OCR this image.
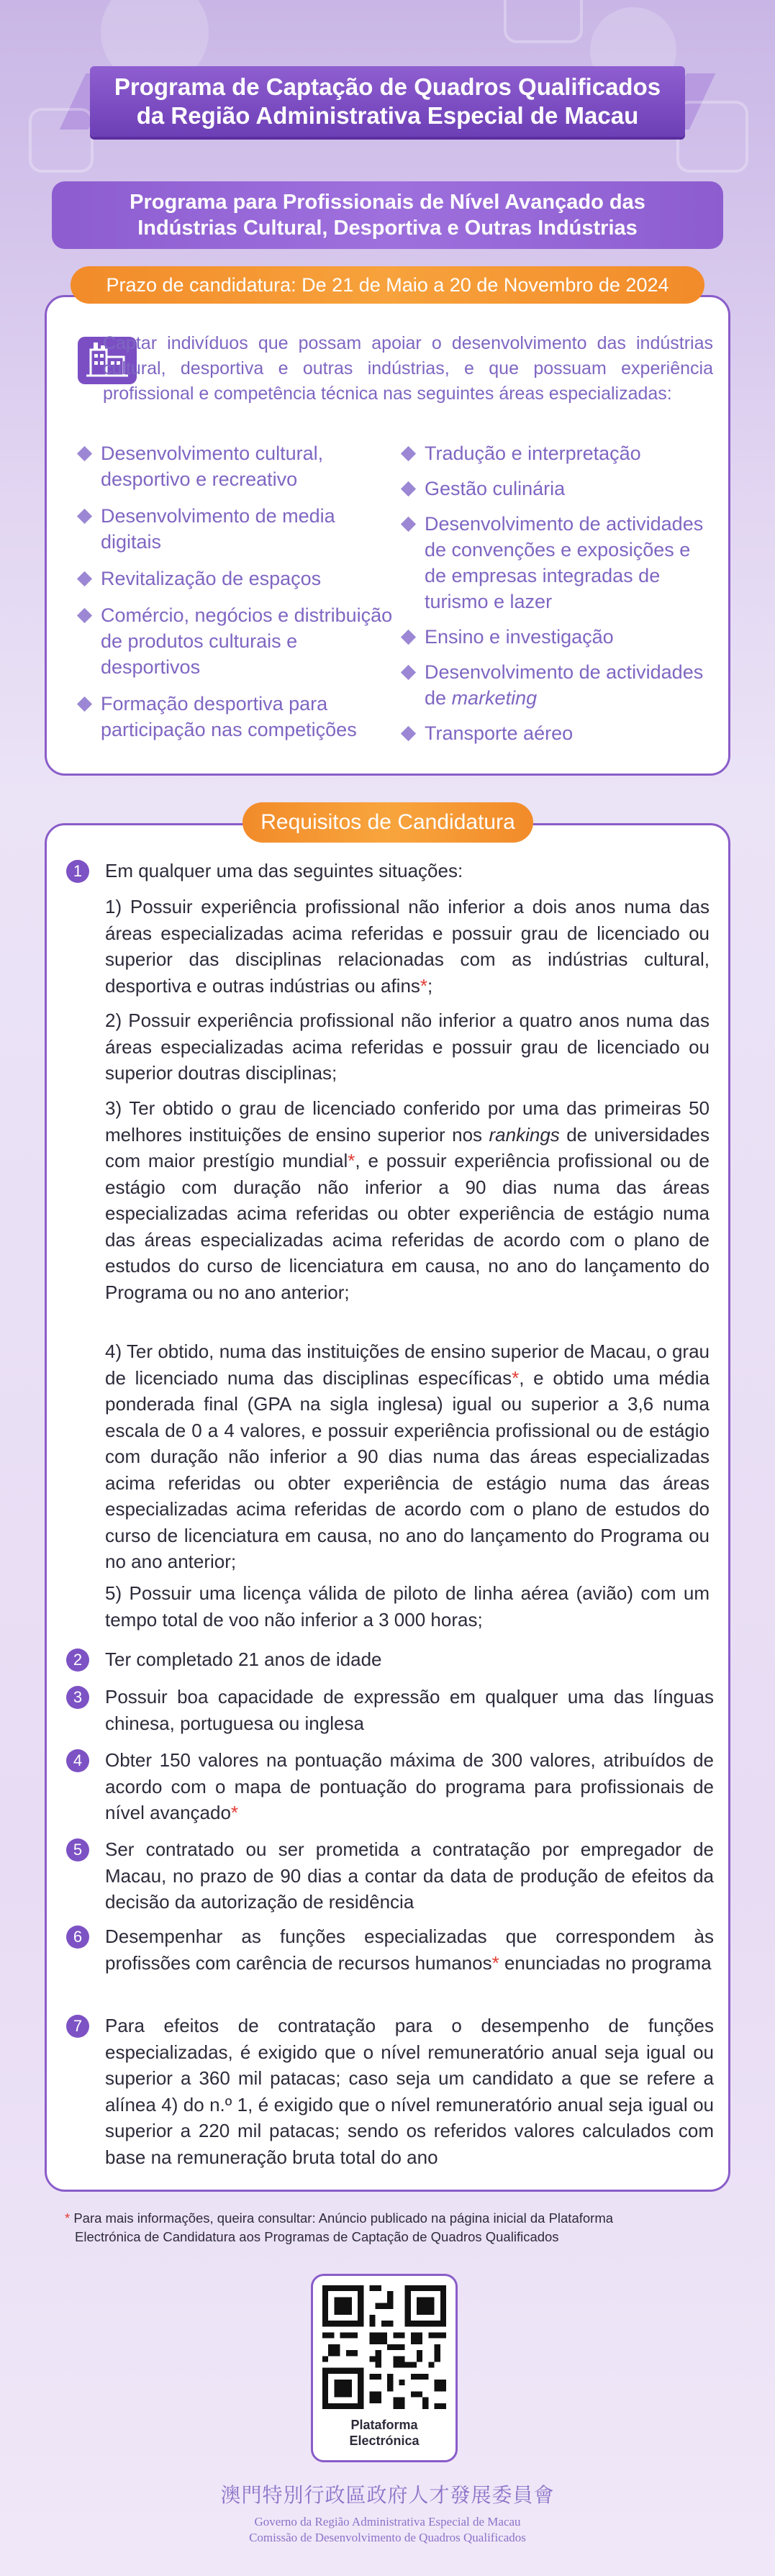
Programa de Captação de Quadros Qualificados
da Região Administrativa Especial de Macau
Programa para Profissionais de Nível Avançado das
Indústrias Cultural, Desportiva e Outras Indústrias
Prazo de candidatura: De 21 de Maio a 20 de Novembro de 2024
Captar indivíduos que possam apoiar o desenvolvimento das indústrias cultural, desportiva e outras indústrias, e que possuam experiência profissional e competência técnica nas seguintes áreas especializadas:
Desenvolvimento cultural, desportivo e recreativo
Desenvolvimento de media digitais
Revitalização de espaços
Comércio, negócios e distribuição de produtos culturais e desportivos
Formação desportiva para participação nas competições
Tradução e interpretação
Gestão culinária
Desenvolvimento de actividades de convenções e exposições e de empresas integradas de turismo e lazer
Ensino e investigação
Desenvolvimento de actividades de marketing
Transporte aéreo
Requisitos de Candidatura
1	Em qualquer uma das seguintes situações:
1) Possuir experiência profissional não inferior a dois anos numa das áreas especializadas acima referidas e possuir grau de licenciado ou superior das disciplinas relacionadas com as indústrias cultural, desportiva e outras indústrias ou afins*;
2) Possuir experiência profissional não inferior a quatro anos numa das áreas especializadas acima referidas e possuir grau de licenciado ou superior doutras disciplinas;
3) Ter obtido o grau de licenciado conferido por uma das primeiras 50 melhores instituições de ensino superior nos rankings de universidades com maior prestígio mundial*, e possuir experiência profissional ou de estágio com duração não inferior a 90 dias numa das áreas especializadas acima referidas ou obter experiência de estágio numa das áreas especializadas acima referidas de acordo com o plano de estudos do curso de licenciatura em causa, no ano do lançamento do Programa ou no ano anterior;
4) Ter obtido, numa das instituições de ensino superior de Macau, o grau de licenciado numa das disciplinas específicas*, e obtido uma média ponderada final (GPA na sigla inglesa) igual ou superior a 3,6 numa escala de 0 a 4 valores, e possuir experiência profissional ou de estágio com duração não inferior a 90 dias numa das áreas especializadas acima referidas ou obter experiência de estágio numa das áreas especializadas acima referidas de acordo com o plano de estudos do curso de licenciatura em causa, no ano do lançamento do Programa ou no ano anterior;
5) Possuir uma licença válida de piloto de linha aérea (avião) com um tempo total de voo não inferior a 3 000 horas;
2	Ter completado 21 anos de idade
3	Possuir boa capacidade de expressão em qualquer uma das línguas chinesa, portuguesa ou inglesa
4	Obter 150 valores na pontuação máxima de 300 valores, atribuídos de acordo com o mapa de pontuação do programa para profissionais de nível avançado*
5	Ser contratado ou ser prometida a contratação por empregador de Macau, no prazo de 90 dias a contar da data de produção de efeitos da decisão da autorização de residência
6	Desempenhar as funções especializadas que correspondem às profissões com carência de recursos humanos* enunciadas no programa
7	Para efeitos de contratação para o desempenho de funções especializadas, é exigido que o nível remuneratório anual seja igual ou superior a 360 mil patacas; caso seja um candidato a que se refere a alínea 4) do n.º 1, é exigido que o nível remuneratório anual seja igual ou superior a 220 mil patacas; sendo os referidos valores calculados com base na remuneração bruta total do ano
* Para mais informações, queira consultar: Anúncio publicado na página inicial da Plataforma
Electrónica de Candidatura aos Programas de Captação de Quadros Qualificados
Plataforma
Electrónica
澳門特別行政區政府人才發展委員會
Governo da Região Administrativa Especial de Macau
Comissão de Desenvolvimento de Quadros Qualificados
